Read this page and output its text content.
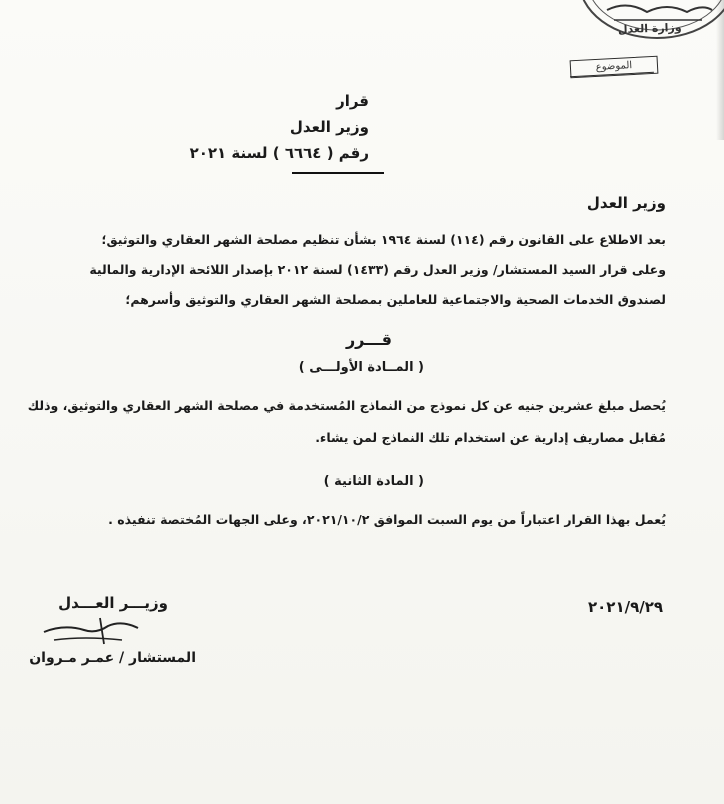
وزارة العدل
الموضوع
قرار
وزير العدل
رقم ( ٦٦٦٤ ) لسنة ٢٠٢١
وزير العدل
بعد الاطلاع على القانون رقم (١١٤) لسنة ١٩٦٤ بشأن تنظيم مصلحة الشهر العقاري والتوثيق؛
وعلى قرار السيد المستشار/ وزير العدل رقم (١٤٣٣) لسنة ٢٠١٢ بإصدار اللائحة الإدارية والمالية
لصندوق الخدمات الصحية والاجتماعية للعاملين بمصلحة الشهر العقاري والتوثيق وأسرهم؛
قـــرر
( المــادة الأولـــى )
يُحصل مبلغ عشرين جنيه عن كل نموذج من النماذج المُستخدمة في مصلحة الشهر العقاري والتوثيق، وذلك
مُقابل مصاريف إدارية عن استخدام تلك النماذج لمن يشاء.
( المادة الثانية )
يُعمل بهذا القرار اعتباراً من يوم السبت الموافق ٢٠٢١/١٠/٢، وعلى الجهات المُختصة تنفيذه .
وزيـــر العـــدل
المستشار / عمـر مـروان
٢٠٢١/٩/٢٩
